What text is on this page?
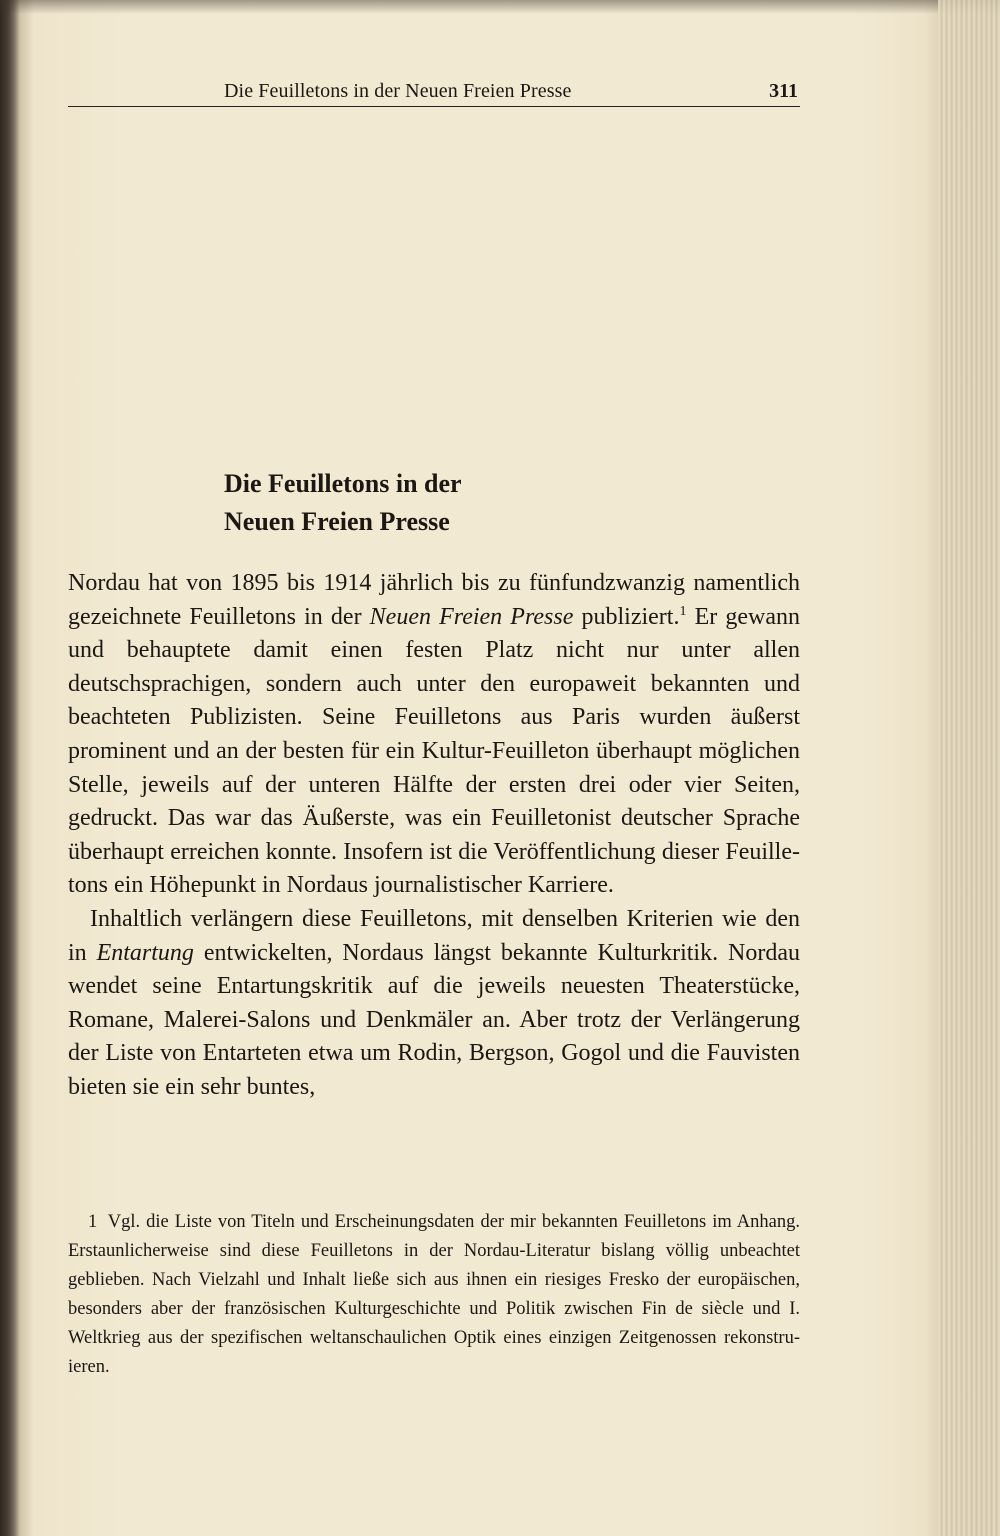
Die Feuilletons in der Neuen Freien Presse	311
Die Feuilletons in der
Neuen Freien Presse

Nordau hat von 1895 bis 1914 jährlich bis zu fünfundzwanzig namentlich gezeichnete Feuilletons in der Neuen Freien Presse publiziert.$^1$ Er gewann und behauptete damit einen festen Platz nicht nur unter allen deutschsprachigen, sondern auch unter den europaweit bekannten und beachteten Publizisten. Seine Feuilletons aus Paris wurden äußerst prominent und an der besten für ein Kultur-Feuilleton überhaupt möglichen Stelle, jeweils auf der unteren Hälfte der ersten drei oder vier Seiten, gedruckt. Das war das Äußerste, was ein Feuilletonist deutscher Sprache überhaupt erreichen konnte. Insofern ist die Veröffentlichung dieser Feuilletons ein Höhepunkt in Nordaus journalistischer Karriere.

Inhaltlich verlängern diese Feuilletons, mit denselben Kriterien wie den in Entartung entwickelten, Nordaus längst bekannte Kulturkritik. Nordau wendet seine Entartungskritik auf die jeweils neuesten Theaterstücke, Romane, Malerei-Salons und Denkmäler an. Aber trotz der Verlängerung der Liste von Entarteten etwa um Rodin, Bergson, Gogol und die Fauvisten bieten sie ein sehr buntes,

1 Vgl. die Liste von Titeln und Erscheinungsdaten der mir bekannten Feuilletons im Anhang. Erstaunlicherweise sind diese Feuilletons in der Nordau-Literatur bislang völlig unbeachtet geblieben. Nach Vielzahl und Inhalt ließe sich aus ihnen ein riesiges Fresko der europäischen, besonders aber der französischen Kulturgeschichte und Politik zwischen Fin de siècle und I. Weltkrieg aus der spezifischen weltanschaulichen Optik eines einzigen Zeitgenossen rekonstruieren.
